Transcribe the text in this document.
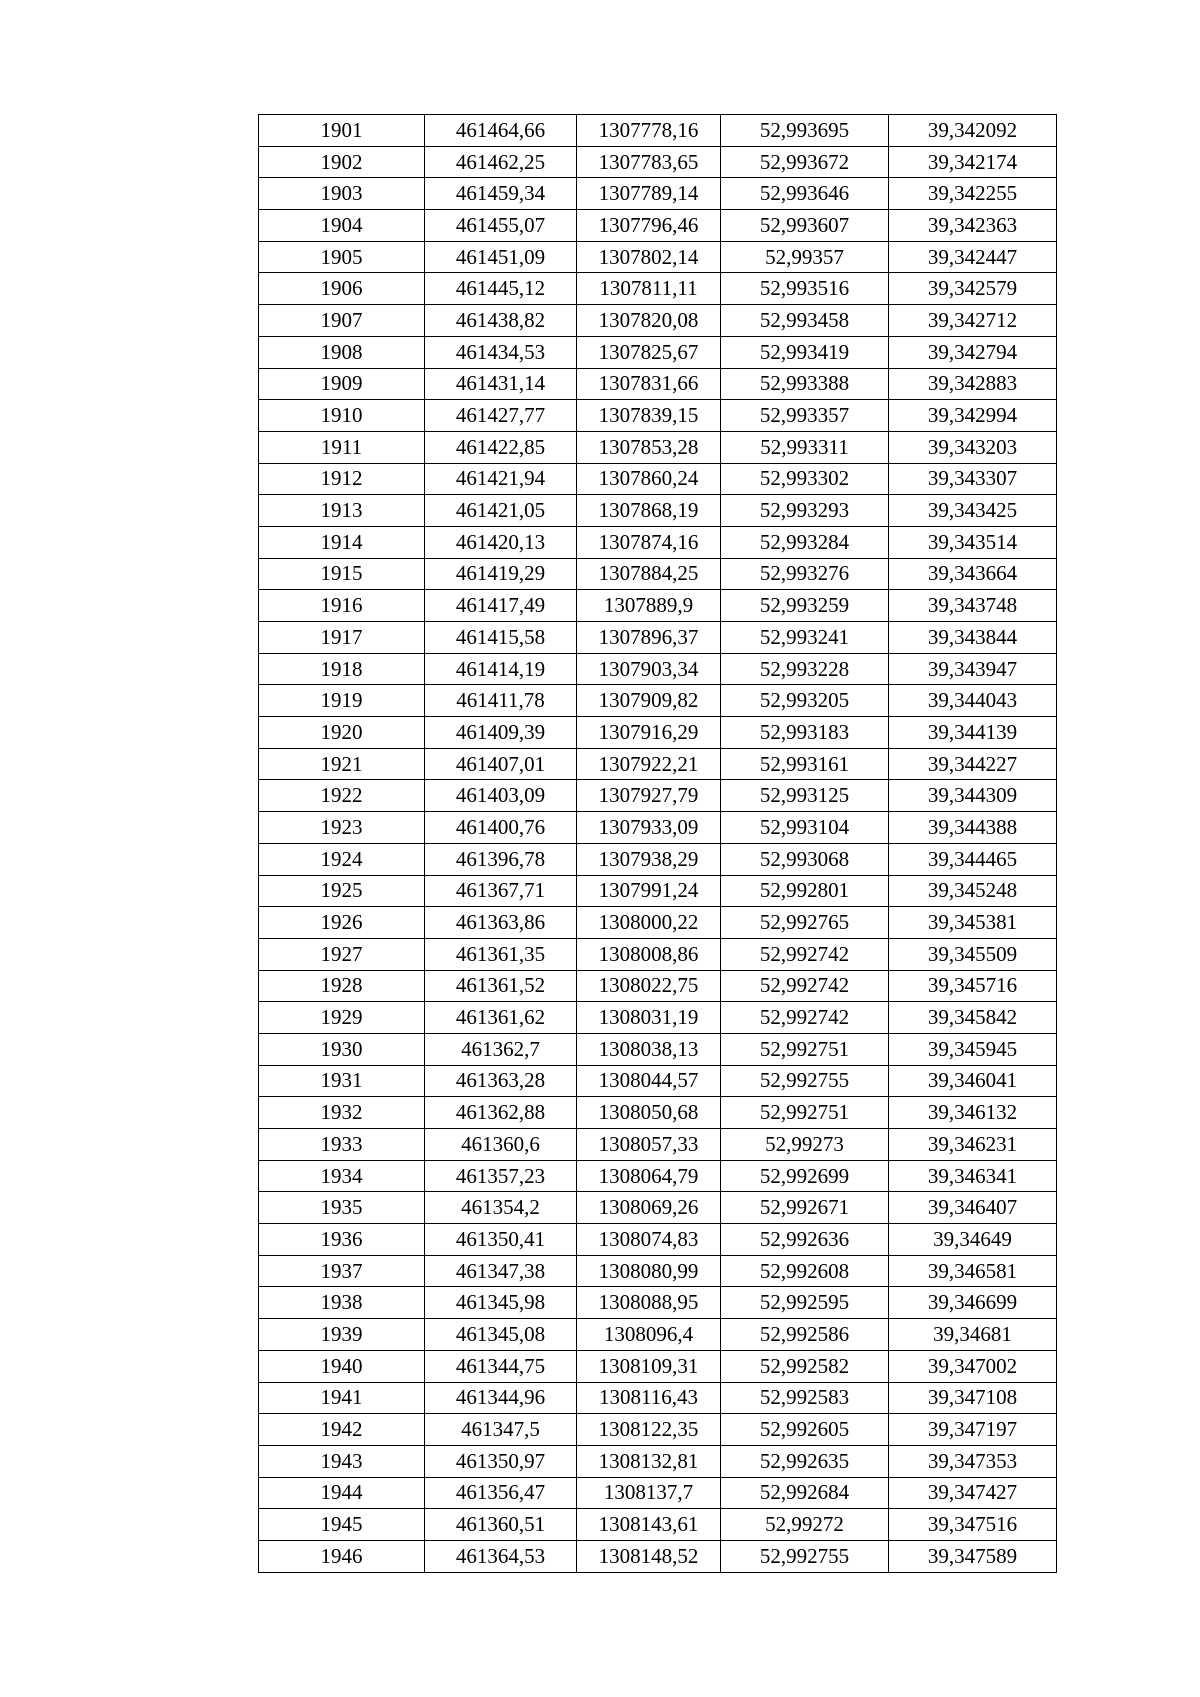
1901	461464,66	1307778,16	52,993695	39,342092
1902	461462,25	1307783,65	52,993672	39,342174
1903	461459,34	1307789,14	52,993646	39,342255
1904	461455,07	1307796,46	52,993607	39,342363
1905	461451,09	1307802,14	52,99357	39,342447
1906	461445,12	1307811,11	52,993516	39,342579
1907	461438,82	1307820,08	52,993458	39,342712
1908	461434,53	1307825,67	52,993419	39,342794
1909	461431,14	1307831,66	52,993388	39,342883
1910	461427,77	1307839,15	52,993357	39,342994
1911	461422,85	1307853,28	52,993311	39,343203
1912	461421,94	1307860,24	52,993302	39,343307
1913	461421,05	1307868,19	52,993293	39,343425
1914	461420,13	1307874,16	52,993284	39,343514
1915	461419,29	1307884,25	52,993276	39,343664
1916	461417,49	1307889,9	52,993259	39,343748
1917	461415,58	1307896,37	52,993241	39,343844
1918	461414,19	1307903,34	52,993228	39,343947
1919	461411,78	1307909,82	52,993205	39,344043
1920	461409,39	1307916,29	52,993183	39,344139
1921	461407,01	1307922,21	52,993161	39,344227
1922	461403,09	1307927,79	52,993125	39,344309
1923	461400,76	1307933,09	52,993104	39,344388
1924	461396,78	1307938,29	52,993068	39,344465
1925	461367,71	1307991,24	52,992801	39,345248
1926	461363,86	1308000,22	52,992765	39,345381
1927	461361,35	1308008,86	52,992742	39,345509
1928	461361,52	1308022,75	52,992742	39,345716
1929	461361,62	1308031,19	52,992742	39,345842
1930	461362,7	1308038,13	52,992751	39,345945
1931	461363,28	1308044,57	52,992755	39,346041
1932	461362,88	1308050,68	52,992751	39,346132
1933	461360,6	1308057,33	52,99273	39,346231
1934	461357,23	1308064,79	52,992699	39,346341
1935	461354,2	1308069,26	52,992671	39,346407
1936	461350,41	1308074,83	52,992636	39,34649
1937	461347,38	1308080,99	52,992608	39,346581
1938	461345,98	1308088,95	52,992595	39,346699
1939	461345,08	1308096,4	52,992586	39,34681
1940	461344,75	1308109,31	52,992582	39,347002
1941	461344,96	1308116,43	52,992583	39,347108
1942	461347,5	1308122,35	52,992605	39,347197
1943	461350,97	1308132,81	52,992635	39,347353
1944	461356,47	1308137,7	52,992684	39,347427
1945	461360,51	1308143,61	52,99272	39,347516
1946	461364,53	1308148,52	52,992755	39,347589
